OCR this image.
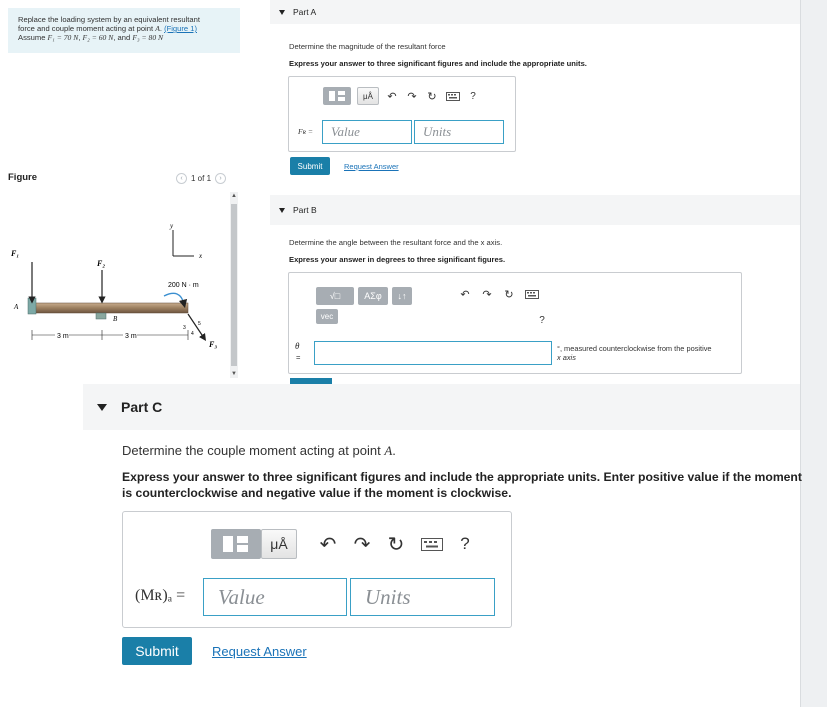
Replace the loading system by an equivalent resultant
force and couple moment acting at point A. (Figure 1)
Assume F₁ = 70 N, F₂ = 60 N, and F₃ = 80 N
Figure	‹	1 of 1	›
y
x
A
B
F₁
F₂
200 N · m
F₃
3
4
5
3 m	3 m
▲
▼
Part A
Determine the magnitude of the resultant force
Express your answer to three significant figures and include the appropriate units.
μÅ	↶ ↷ ↻	?
Fʀ =	Value	Units
Submit	Request Answer
Part B
Determine the angle between the resultant force and the x axis.
Express your answer in degrees to three significant figures.
√□	ΑΣφ	↓↑
vec
↶ ↷ ↻
?
θ
=
°, measured counterclockwise from the positive
x axis
Part C
Determine the couple moment acting at point A.
Express your answer to three significant figures and include the appropriate units. Enter positive value if the moment is counterclockwise and negative value if the moment is clockwise.
μÅ	↶ ↷ ↻	?
(Mʀ)ₐ =	Value	Units
Submit	Request Answer
